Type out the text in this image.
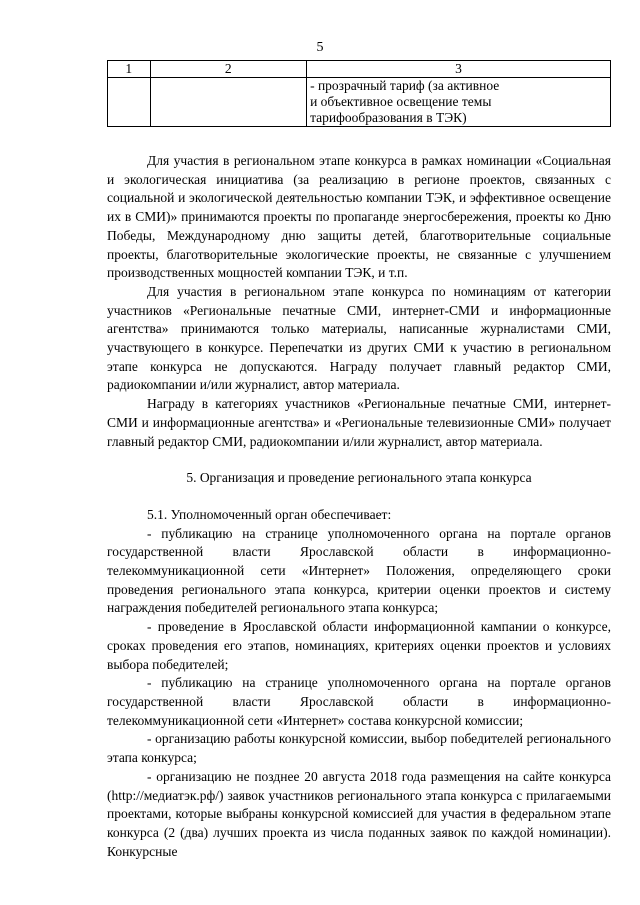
5
1	2	3

		- прозрачный тариф (за активное
и объективное освещение темы
тарифообразования в ТЭК)

Для участия в региональном этапе конкурса в рамках номинации «Социальная и экологическая инициатива (за реализацию в регионе проектов, связанных с социальной и экологической деятельностью компании ТЭК, и эффективное освещение их в СМИ)» принимаются проекты по пропаганде энергосбережения, проекты ко Дню Победы, Международному дню защиты детей, благотворительные социальные проекты, благотворительные экологические проекты, не связанные с улучшением производственных мощностей компании ТЭК, и т.п.

Для участия в региональном этапе конкурса по номинациям от категории участников «Региональные печатные СМИ, интернет-СМИ и информационные агентства» принимаются только материалы, написанные журналистами СМИ, участвующего в конкурсе. Перепечатки из других СМИ к участию в региональном этапе конкурса не допускаются. Награду получает главный редактор СМИ, радиокомпании и/или журналист, автор материала.

Награду в категориях участников «Региональные печатные СМИ, интернет-СМИ и информационные агентства» и «Региональные телевизионные СМИ» получает главный редактор СМИ, радиокомпании и/или журналист, автор материала.

5. Организация и проведение регионального этапа конкурса

5.1. Уполномоченный орган обеспечивает:

- публикацию на странице уполномоченного органа на портале органов государственной власти Ярославской области в информационно-телекоммуникационной сети «Интернет» Положения, определяющего сроки проведения регионального этапа конкурса, критерии оценки проектов и систему награждения победителей регионального этапа конкурса;

- проведение в Ярославской области информационной кампании о конкурсе, сроках проведения его этапов, номинациях, критериях оценки проектов и условиях выбора победителей;

- публикацию на странице уполномоченного органа на портале органов государственной власти Ярославской области в информационно-телекоммуникационной сети «Интернет» состава конкурсной комиссии;

- организацию работы конкурсной комиссии, выбор победителей регионального этапа конкурса;

- организацию не позднее 20 августа 2018 года размещения на сайте конкурса (http://медиатэк.рф/) заявок участников регионального этапа конкурса с прилагаемыми проектами, которые выбраны конкурсной комиссией для участия в федеральном этапе конкурса (2 (два) лучших проекта из числа поданных заявок по каждой номинации). Конкурсные
